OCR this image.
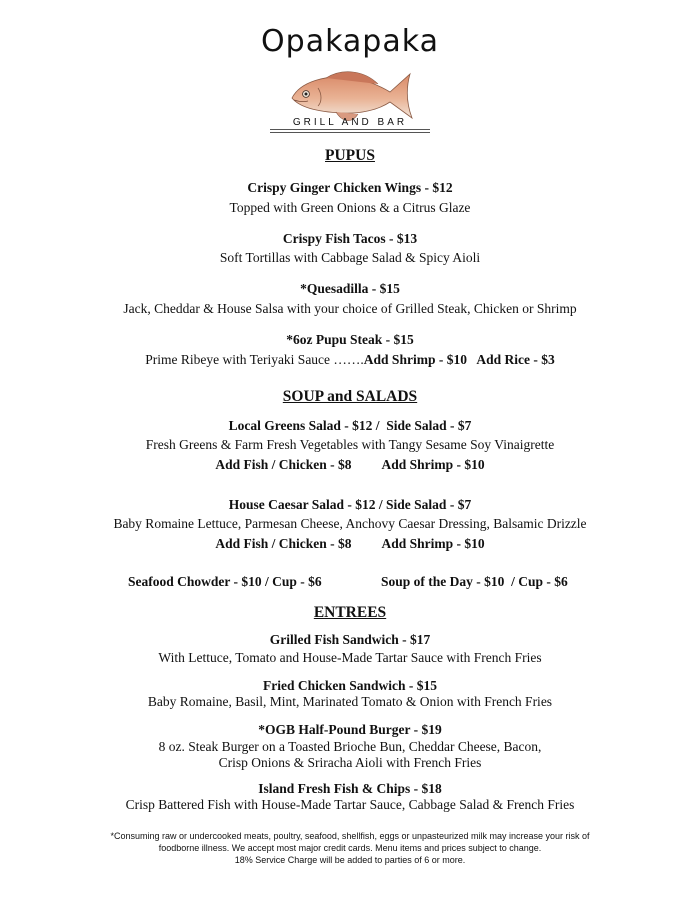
Opakapaka
GRILL AND BAR
PUPUS
Crispy Ginger Chicken Wings - $12
Topped with Green Onions & a Citrus Glaze
Crispy Fish Tacos - $13
Soft Tortillas with Cabbage Salad & Spicy Aioli
*Quesadilla - $15
Jack, Cheddar & House Salsa with your choice of Grilled Steak, Chicken or Shrimp
*6oz Pupu Steak - $15
Prime Ribeye with Teriyaki Sauce …….Add Shrimp - $10   Add Rice - $3
SOUP and SALADS
Local Greens Salad - $12 /  Side Salad - $7
Fresh Greens & Farm Fresh Vegetables with Tangy Sesame Soy Vinaigrette
Add Fish / Chicken - $8 Add Shrimp - $10
House Caesar Salad - $12 / Side Salad - $7
Baby Romaine Lettuce, Parmesan Cheese, Anchovy Caesar Dressing, Balsamic Drizzle
Add Fish / Chicken - $8 Add Shrimp - $10
Seafood Chowder - $10 / Cup - $6	Soup of the Day - $10  / Cup - $6
ENTREES
Grilled Fish Sandwich - $17
With Lettuce, Tomato and House-Made Tartar Sauce with French Fries
Fried Chicken Sandwich - $15
Baby Romaine, Basil, Mint, Marinated Tomato & Onion with French Fries
*OGB Half-Pound Burger - $19
8 oz. Steak Burger on a Toasted Brioche Bun, Cheddar Cheese, Bacon,
Crisp Onions & Sriracha Aioli with French Fries
Island Fresh Fish & Chips - $18
Crisp Battered Fish with House-Made Tartar Sauce, Cabbage Salad & French Fries
*Consuming raw or undercooked meats, poultry, seafood, shellfish, eggs or unpasteurized milk may increase your risk of
foodborne illness. We accept most major credit cards. Menu items and prices subject to change.
18% Service Charge will be added to parties of 6 or more.
